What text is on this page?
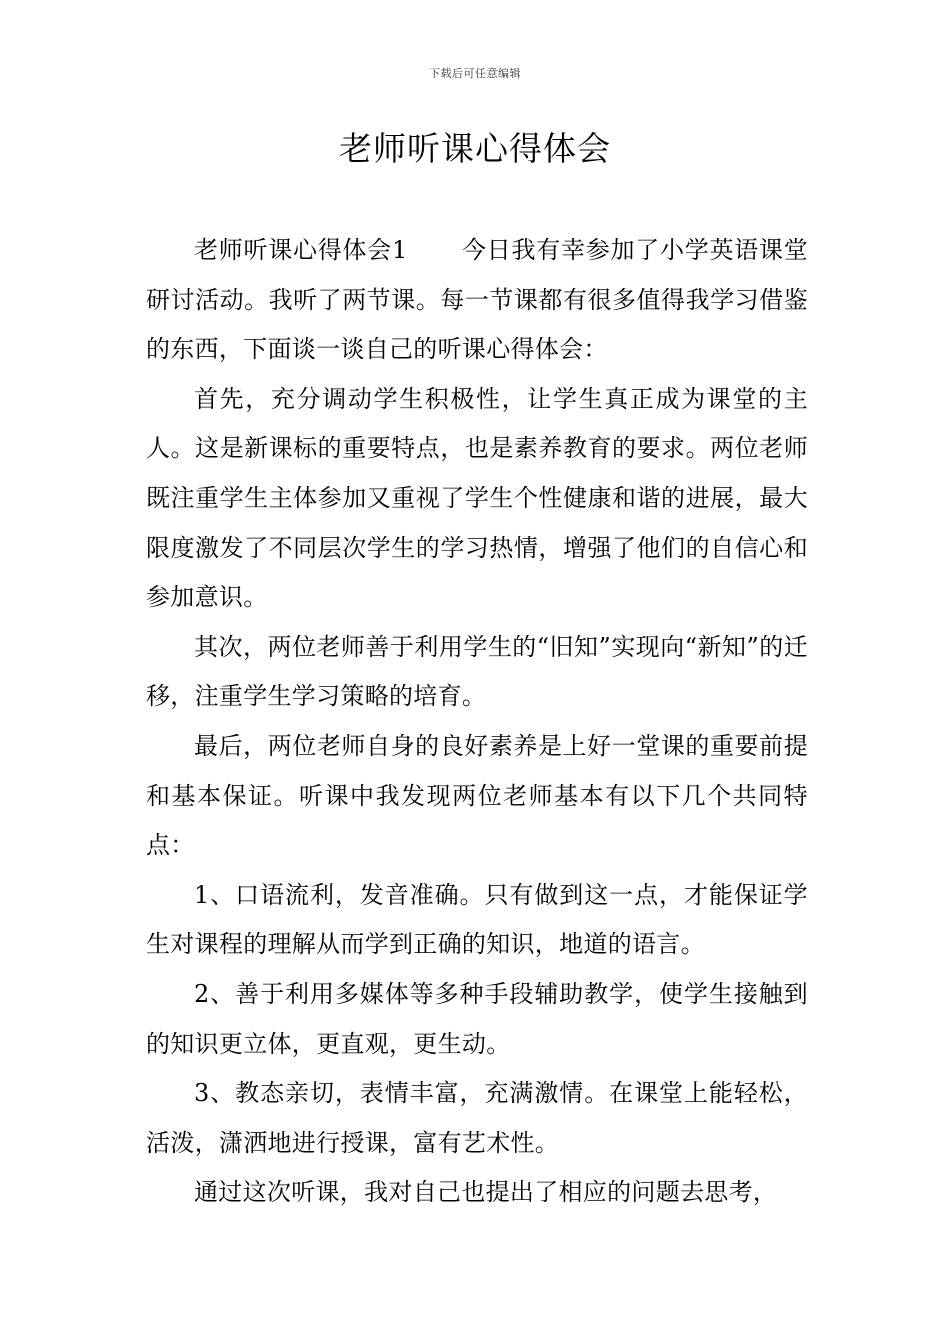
下载后可任意编辑
老师听课心得体会

老师听课心得体会1 今日我有幸参加了小学英语课堂研讨活动。我听了两节课。每一节课都有很多值得我学习借鉴的东西，下面谈一谈自己的听课心得体会：

首先，充分调动学生积极性，让学生真正成为课堂的主人。这是新课标的重要特点，也是素养教育的要求。两位老师既注重学生主体参加又重视了学生个性健康和谐的进展，最大限度激发了不同层次学生的学习热情，增强了他们的自信心和参加意识。

其次，两位老师善于利用学生的“旧知”实现向“新知”的迁移，注重学生学习策略的培育。

最后，两位老师自身的良好素养是上好一堂课的重要前提和基本保证。听课中我发现两位老师基本有以下几个共同特点：

1、口语流利，发音准确。只有做到这一点，才能保证学生对课程的理解从而学到正确的知识，地道的语言。

2、善于利用多媒体等多种手段辅助教学，使学生接触到的知识更立体，更直观，更生动。

3、教态亲切，表情丰富，充满激情。在课堂上能轻松，活泼，潇洒地进行授课，富有艺术性。

通过这次听课，我对自己也提出了相应的问题去思考，
